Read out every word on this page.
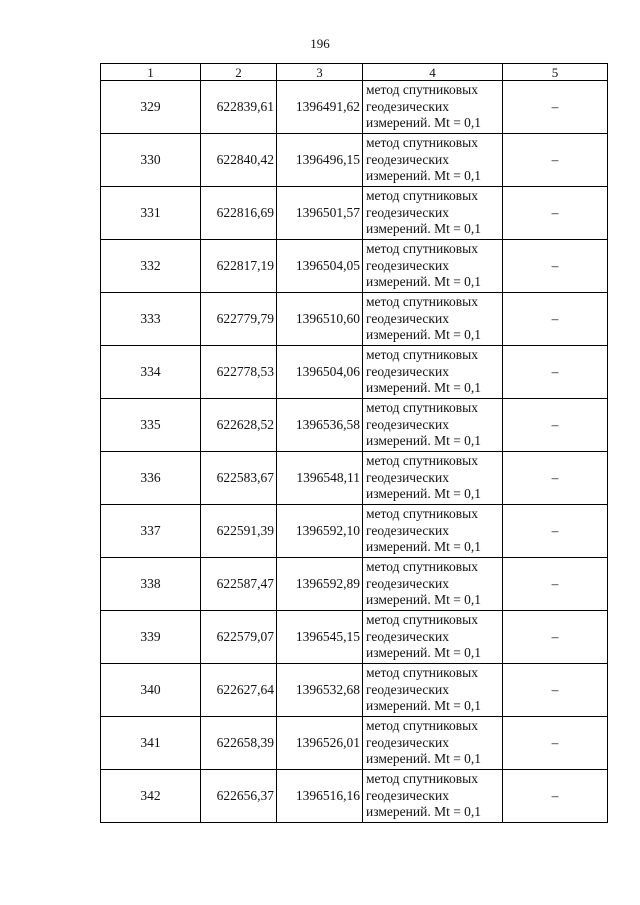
196
1	2	3	4	5
329	622839,61	1396491,62	метод спутниковых
геодезических
измерений. Mt = 0,1	–
330	622840,42	1396496,15	метод спутниковых
геодезических
измерений. Mt = 0,1	–
331	622816,69	1396501,57	метод спутниковых
геодезических
измерений. Mt = 0,1	–
332	622817,19	1396504,05	метод спутниковых
геодезических
измерений. Mt = 0,1	–
333	622779,79	1396510,60	метод спутниковых
геодезических
измерений. Mt = 0,1	–
334	622778,53	1396504,06	метод спутниковых
геодезических
измерений. Mt = 0,1	–
335	622628,52	1396536,58	метод спутниковых
геодезических
измерений. Mt = 0,1	–
336	622583,67	1396548,11	метод спутниковых
геодезических
измерений. Mt = 0,1	–
337	622591,39	1396592,10	метод спутниковых
геодезических
измерений. Mt = 0,1	–
338	622587,47	1396592,89	метод спутниковых
геодезических
измерений. Mt = 0,1	–
339	622579,07	1396545,15	метод спутниковых
геодезических
измерений. Mt = 0,1	–
340	622627,64	1396532,68	метод спутниковых
геодезических
измерений. Mt = 0,1	–
341	622658,39	1396526,01	метод спутниковых
геодезических
измерений. Mt = 0,1	–
342	622656,37	1396516,16	метод спутниковых
геодезических
измерений. Mt = 0,1	–
